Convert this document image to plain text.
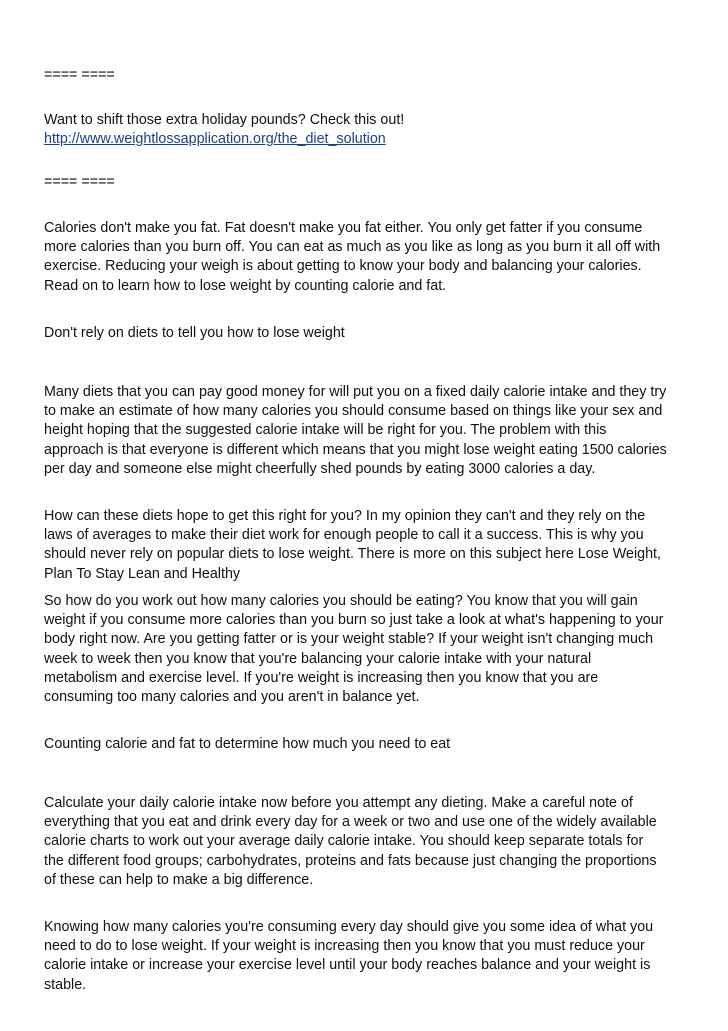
==== ====

Want to shift those extra holiday pounds? Check this out!
http://www.weightlossapplication.org/the_diet_solution

==== ====

Calories don't make you fat. Fat doesn't make you fat either. You only get fatter if you consume
more calories than you burn off. You can eat as much as you like as long as you burn it all off with
exercise. Reducing your weigh is about getting to know your body and balancing your calories.
Read on to learn how to lose weight by counting calorie and fat.

Don't rely on diets to tell you how to lose weight

Many diets that you can pay good money for will put you on a fixed daily calorie intake and they try
to make an estimate of how many calories you should consume based on things like your sex and
height hoping that the suggested calorie intake will be right for you. The problem with this
approach is that everyone is different which means that you might lose weight eating 1500 calories
per day and someone else might cheerfully shed pounds by eating 3000 calories a day.

How can these diets hope to get this right for you? In my opinion they can't and they rely on the
laws of averages to make their diet work for enough people to call it a success. This is why you
should never rely on popular diets to lose weight. There is more on this subject here Lose Weight,
Plan To Stay Lean and Healthy

So how do you work out how many calories you should be eating? You know that you will gain
weight if you consume more calories than you burn so just take a look at what's happening to your
body right now. Are you getting fatter or is your weight stable? If your weight isn't changing much
week to week then you know that you're balancing your calorie intake with your natural
metabolism and exercise level. If you're weight is increasing then you know that you are
consuming too many calories and you aren't in balance yet.

Counting calorie and fat to determine how much you need to eat

Calculate your daily calorie intake now before you attempt any dieting. Make a careful note of
everything that you eat and drink every day for a week or two and use one of the widely available
calorie charts to work out your average daily calorie intake. You should keep separate totals for
the different food groups; carbohydrates, proteins and fats because just changing the proportions
of these can help to make a big difference.

Knowing how many calories you're consuming every day should give you some idea of what you
need to do to lose weight. If your weight is increasing then you know that you must reduce your
calorie intake or increase your exercise level until your body reaches balance and your weight is
stable.
